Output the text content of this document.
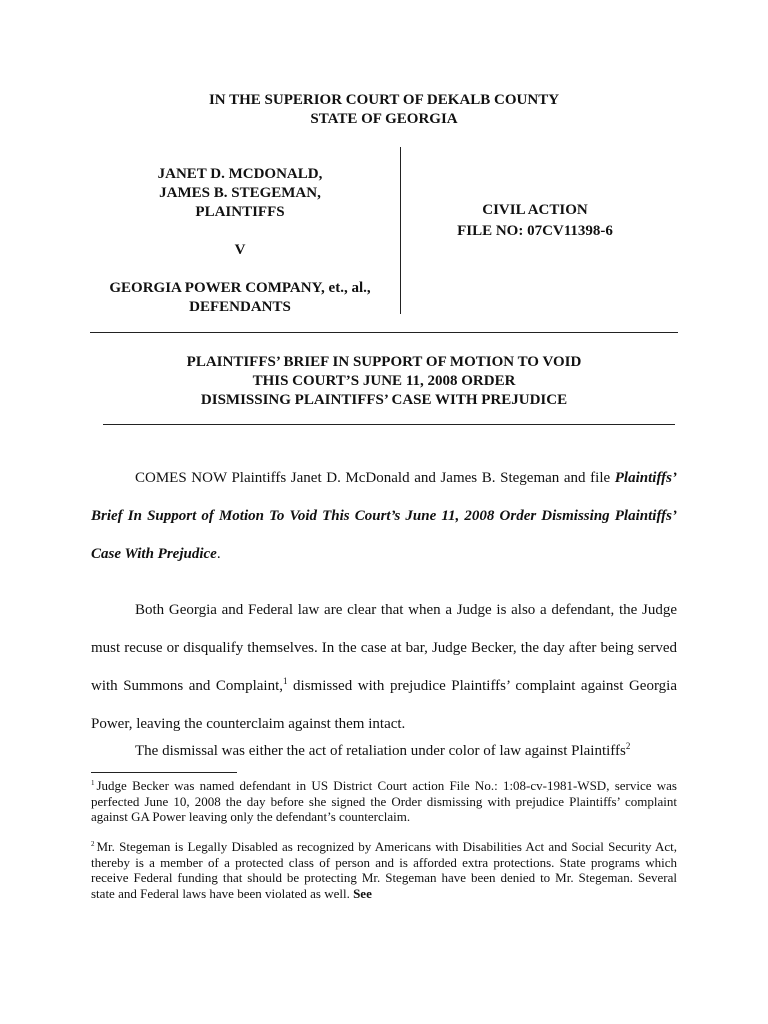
IN THE SUPERIOR COURT OF DEKALB COUNTY
STATE OF GEORGIA
JANET D. MCDONALD,
JAMES B. STEGEMAN,
PLAINTIFFS
V
GEORGIA POWER COMPANY, et., al.,
DEFENDANTS
CIVIL ACTION
FILE NO: 07CV11398-6
PLAINTIFFS’ BRIEF IN SUPPORT OF MOTION TO VOID
THIS COURT’S JUNE 11, 2008 ORDER
DISMISSING PLAINTIFFS’ CASE WITH PREJUDICE
COMES NOW Plaintiffs Janet D. McDonald and James B. Stegeman and file Plaintiffs’ Brief In Support of Motion To Void This Court’s June 11, 2008 Order Dismissing Plaintiffs’ Case With Prejudice.
Both Georgia and Federal law are clear that when a Judge is also a defendant, the Judge must recuse or disqualify themselves. In the case at bar, Judge Becker, the day after being served with Summons and Complaint,$^1$ dismissed with prejudice Plaintiffs’ complaint against Georgia Power, leaving the counterclaim against them intact.
The dismissal was either the act of retaliation under color of law against Plaintiffs$^2$
$^1$ Judge Becker was named defendant in US District Court action File No.: 1:08-cv-1981-WSD, service was perfected June 10, 2008 the day before she signed the Order dismissing with prejudice Plaintiffs’ complaint against GA Power leaving only the defendant’s counterclaim.
$^2$ Mr. Stegeman is Legally Disabled as recognized by Americans with Disabilities Act and Social Security Act, thereby is a member of a protected class of person and is afforded extra protections. State programs which receive Federal funding that should be protecting Mr. Stegeman have been denied to Mr. Stegeman. Several state and Federal laws have been violated as well. See
